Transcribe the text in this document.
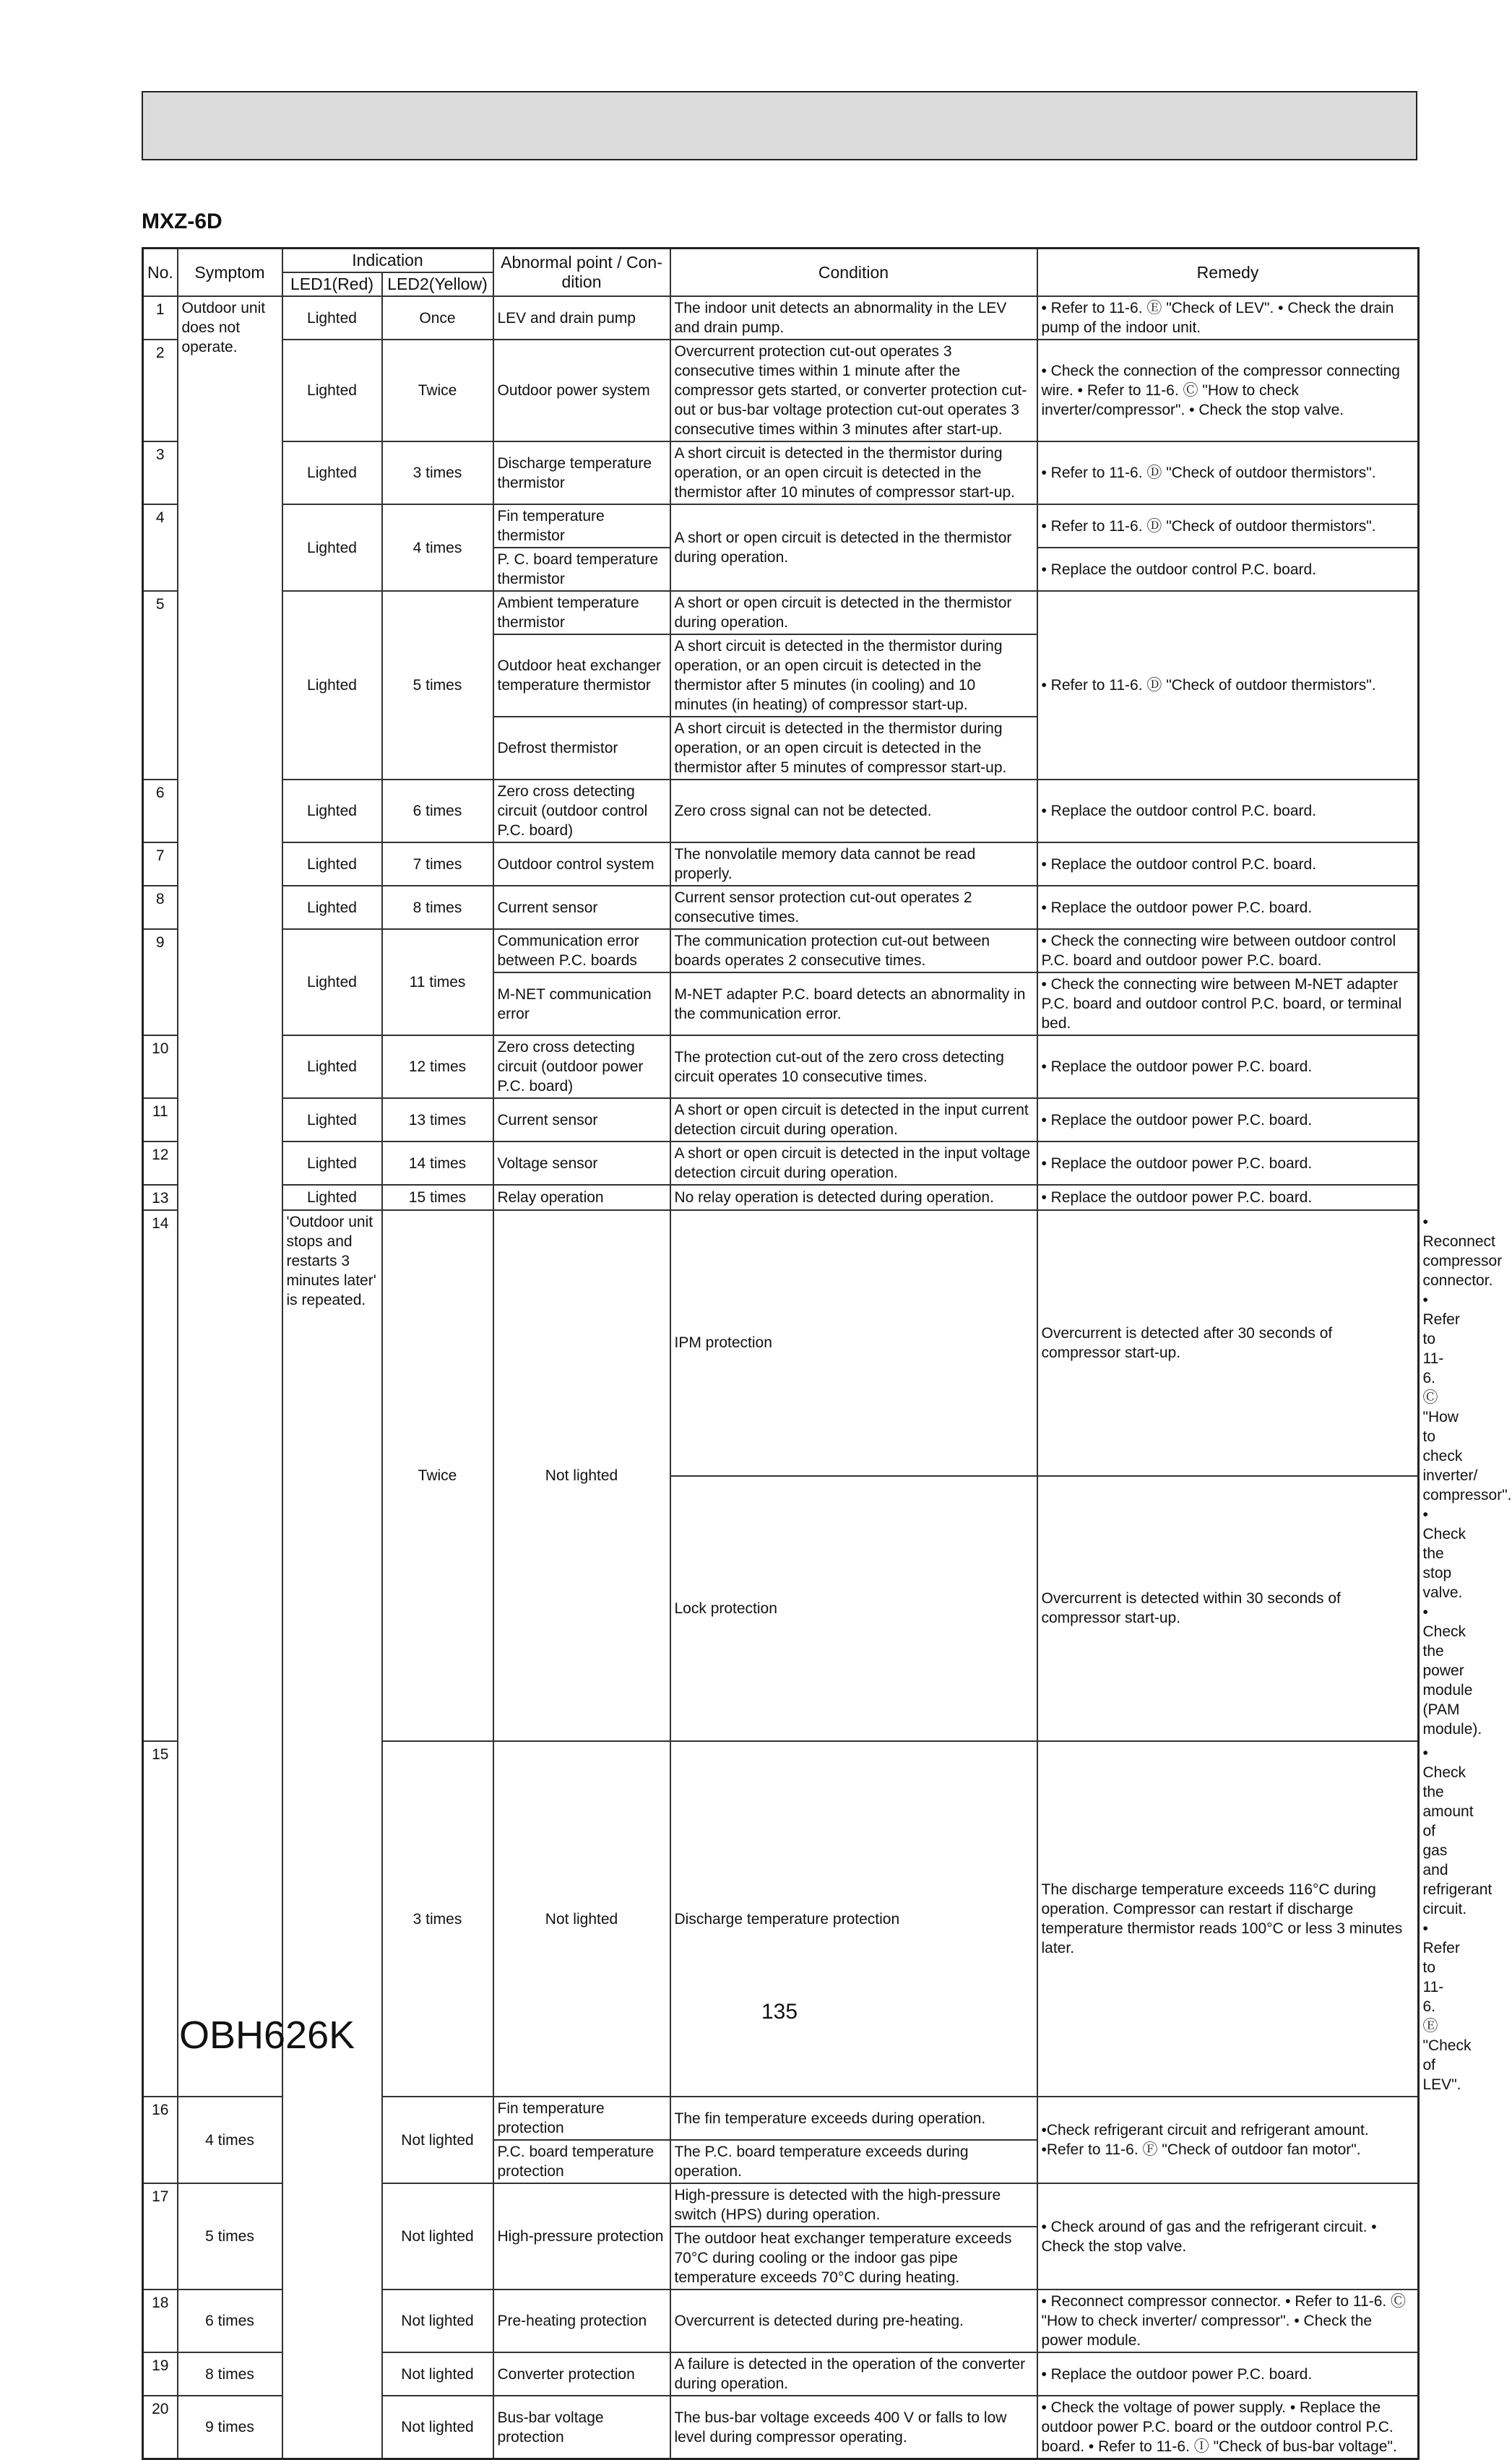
MXZ-6D
No.	Symptom	Indication		Abnormal point / Con-dition	Condition	Remedy	
		LED1(Red)	LED2(Yellow)				
1	Outdoor unit does not operate.	Lighted	Once	LEV and drain pump	The indoor unit detects an abnormality in the LEV and drain pump.	• Refer to 11-6. Ⓔ "Check of LEV". • Check the drain pump of the indoor unit.	
2		Lighted	Twice	Outdoor power system	Overcurrent protection cut-out operates 3 consecutive times within 1 minute after the compressor gets started, or converter protection cut-out or bus-bar voltage protection cut-out operates 3 consecutive times within 3 minutes after start-up.	• Check the connection of the compressor connecting wire. • Refer to 11-6. Ⓒ "How to check inverter/compressor". • Check the stop valve.	
3		Lighted	3 times	Discharge temperature thermistor	A short circuit is detected in the thermistor during operation, or an open circuit is detected in the thermistor after 10 minutes of compressor start-up.	• Refer to 11-6. Ⓓ "Check of outdoor thermistors".	
4		Lighted	4 times	Fin temperature thermistor	A short or open circuit is detected in the thermistor during operation.	• Refer to 11-6. Ⓓ "Check of outdoor thermistors".	
				P. C. board temperature thermistor		• Replace the outdoor control P.C. board.	
5		Lighted	5 times	Ambient temperature thermistor	A short or open circuit is detected in the thermistor during operation.	• Refer to 11-6. Ⓓ "Check of outdoor thermistors".	
				Outdoor heat exchanger temperature thermistor	A short circuit is detected in the thermistor during operation, or an open circuit is detected in the thermistor after 5 minutes (in cooling) and 10 minutes (in heating) of compressor start-up.		
				Defrost thermistor	A short circuit is detected in the thermistor during operation, or an open circuit is detected in the thermistor after 5 minutes of compressor start-up.		
6		Lighted	6 times	Zero cross detecting circuit (outdoor control P.C. board)	Zero cross signal can not be detected.	• Replace the outdoor control P.C. board.	
7		Lighted	7 times	Outdoor control system	The nonvolatile memory data cannot be read properly.	• Replace the outdoor control P.C. board.	
8		Lighted	8 times	Current sensor	Current sensor protection cut-out operates 2 consecutive times.	• Replace the outdoor power P.C. board.	
9		Lighted	11 times	Communication error between P.C. boards	The communication protection cut-out between boards operates 2 consecutive times.	• Check the connecting wire between outdoor control P.C. board and outdoor power P.C. board.	
				M-NET communication error	M-NET adapter P.C. board detects an abnormality in the communication error.	• Check the connecting wire between M-NET adapter P.C. board and outdoor control P.C. board, or terminal bed.	
10		Lighted	12 times	Zero cross detecting circuit (outdoor power P.C. board)	The protection cut-out of the zero cross detecting circuit operates 10 consecutive times.	• Replace the outdoor power P.C. board.	
11		Lighted	13 times	Current sensor	A short or open circuit is detected in the input current detection circuit during operation.	• Replace the outdoor power P.C. board.	
12		Lighted	14 times	Voltage sensor	A short or open circuit is detected in the input voltage detection circuit during operation.	• Replace the outdoor power P.C. board.	
13		Lighted	15 times	Relay operation	No relay operation is detected during operation.	• Replace the outdoor power P.C. board.	
14		'Outdoor unit stops and restarts 3 minutes later' is repeated.	Twice	Not lighted	IPM protection	Overcurrent is detected after 30 seconds of compressor start-up.	• Reconnect compressor connector. • Refer to 11-6. Ⓒ "How to check inverter/ compressor". • Check the stop valve. • Check the power module (PAM module).
					Lock protection	Overcurrent is detected within 30 seconds of compressor start-up.	
15			3 times	Not lighted	Discharge temperature protection	The discharge temperature exceeds 116°C during operation. Compressor can restart if discharge temperature thermistor reads 100°C or less 3 minutes later.	• Check the amount of gas and refrigerant circuit. • Refer to 11-6. Ⓔ "Check of LEV".
16	4 times		Not lighted	Fin temperature protection	The fin temperature exceeds during operation.	•Check refrigerant circuit and refrigerant amount. •Refer to 11-6. Ⓕ "Check of outdoor fan motor".	
				P.C. board temperature protection	The P.C. board temperature exceeds during operation.		
17	5 times		Not lighted	High-pressure protection	High-pressure is detected with the high-pressure switch (HPS) during operation.	• Check around of gas and the refrigerant circuit. • Check the stop valve.	
					The outdoor heat exchanger temperature exceeds 70°C during cooling or the indoor gas pipe temperature exceeds 70°C during heating.		
18	6 times		Not lighted	Pre-heating protection	Overcurrent is detected during pre-heating.	• Reconnect compressor connector. • Refer to 11-6. Ⓒ "How to check inverter/ compressor". • Check the power module.	
19	8 times		Not lighted	Converter protection	A failure is detected in the operation of the converter during operation.	• Replace the outdoor power P.C. board.	
20	9 times		Not lighted	Bus-bar voltage protection	The bus-bar voltage exceeds 400 V or falls to low level during compressor operating.	• Check the voltage of power supply. • Replace the outdoor power P.C. board or the outdoor control P.C. board. • Refer to 11-6. Ⓘ "Check of bus-bar voltage".	
OBH626K
135
